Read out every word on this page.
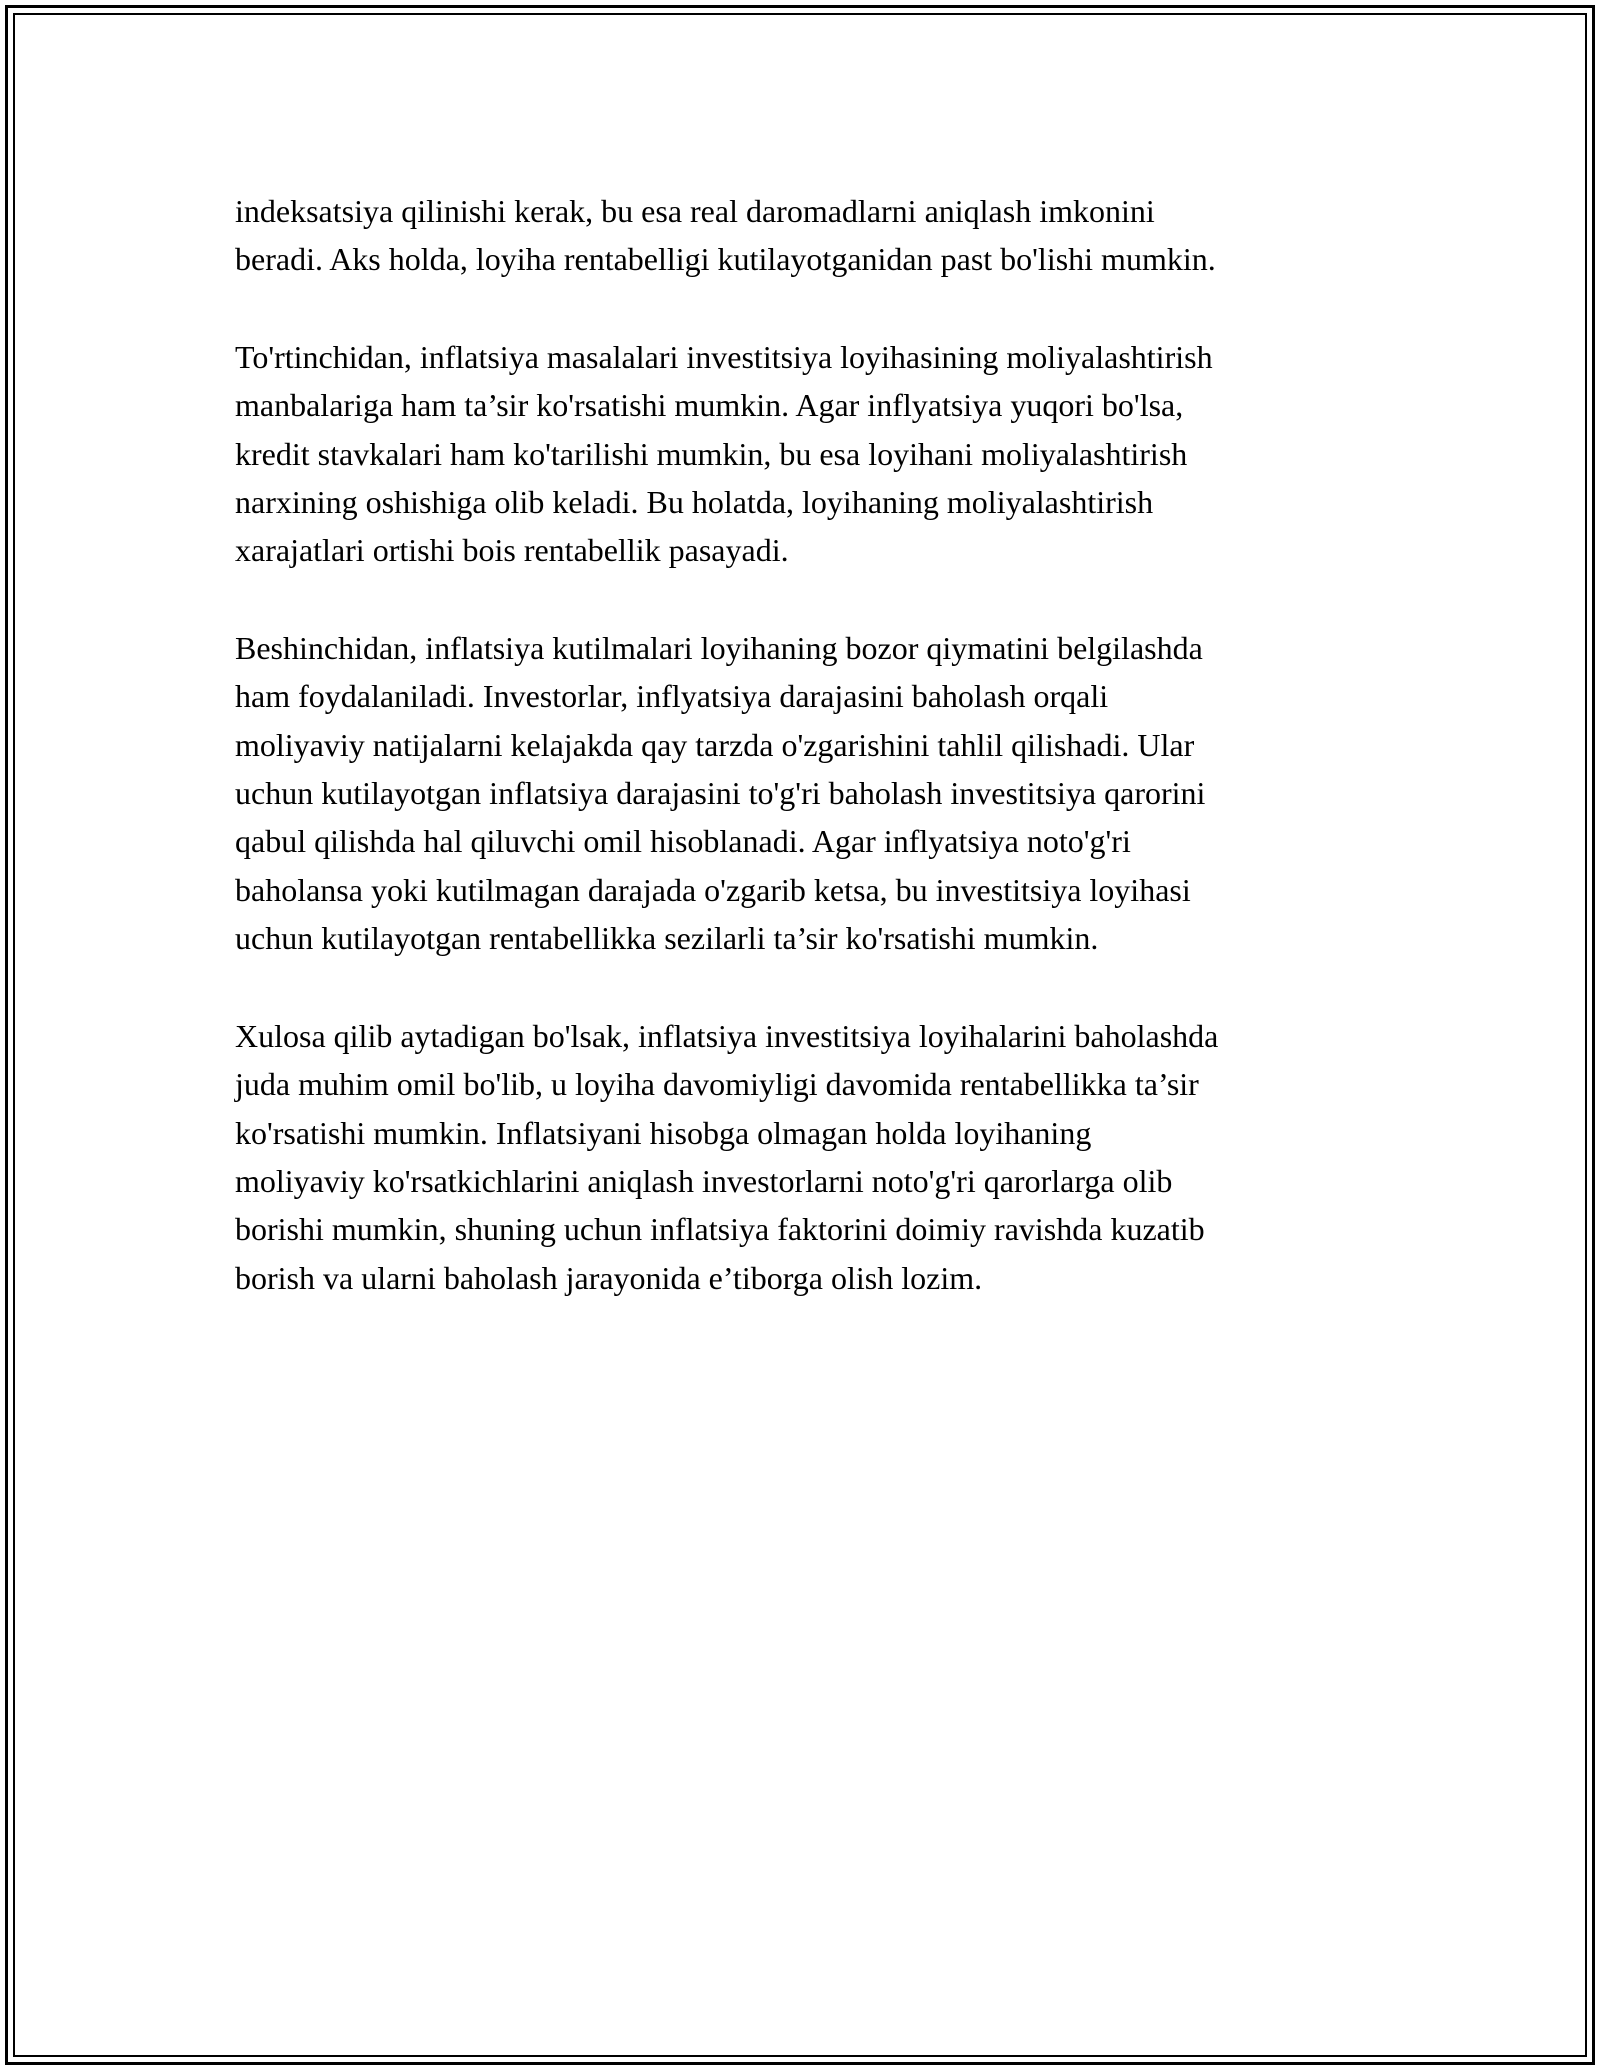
indeksatsiya qilinishi kerak, bu esa real daromadlarni aniqlash imkonini
beradi. Aks holda, loyiha rentabelligi kutilayotganidan past bo'lishi mumkin.

To'rtinchidan, inflatsiya masalalari investitsiya loyihasining moliyalashtirish
manbalariga ham ta’sir ko'rsatishi mumkin. Agar inflyatsiya yuqori bo'lsa,
kredit stavkalari ham ko'tarilishi mumkin, bu esa loyihani moliyalashtirish
narxining oshishiga olib keladi. Bu holatda, loyihaning moliyalashtirish
xarajatlari ortishi bois rentabellik pasayadi.

Beshinchidan, inflatsiya kutilmalari loyihaning bozor qiymatini belgilashda
ham foydalaniladi. Investorlar, inflyatsiya darajasini baholash orqali
moliyaviy natijalarni kelajakda qay tarzda o'zgarishini tahlil qilishadi. Ular
uchun kutilayotgan inflatsiya darajasini to'g'ri baholash investitsiya qarorini
qabul qilishda hal qiluvchi omil hisoblanadi. Agar inflyatsiya noto'g'ri
baholansa yoki kutilmagan darajada o'zgarib ketsa, bu investitsiya loyihasi
uchun kutilayotgan rentabellikka sezilarli ta’sir ko'rsatishi mumkin.

Xulosa qilib aytadigan bo'lsak, inflatsiya investitsiya loyihalarini baholashda
juda muhim omil bo'lib, u loyiha davomiyligi davomida rentabellikka ta’sir
ko'rsatishi mumkin. Inflatsiyani hisobga olmagan holda loyihaning
moliyaviy ko'rsatkichlarini aniqlash investorlarni noto'g'ri qarorlarga olib
borishi mumkin, shuning uchun inflatsiya faktorini doimiy ravishda kuzatib
borish va ularni baholash jarayonida e’tiborga olish lozim.
